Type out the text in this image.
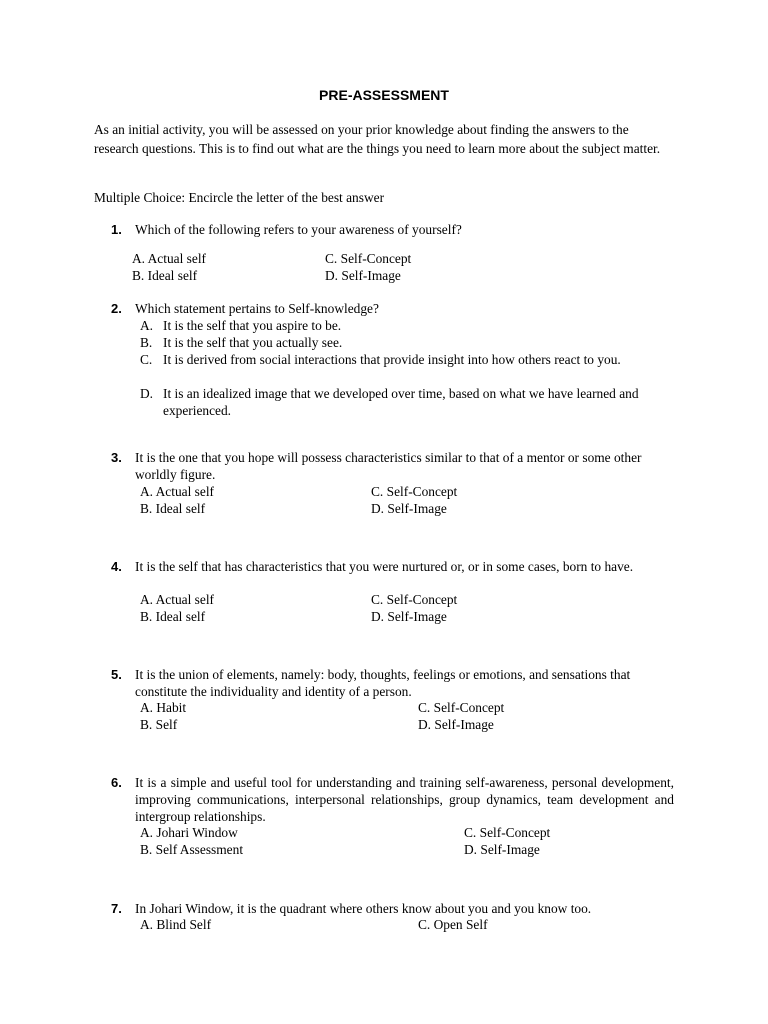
PRE-ASSESSMENT
As an initial activity, you will be assessed on your prior knowledge about finding the answers to the research questions. This is to find out what are the things you need to learn more about the subject matter.
Multiple Choice: Encircle the letter of the best answer
1. Which of the following refers to your awareness of yourself?
A. Actual self
B. Ideal self
C. Self-Concept
D. Self-Image
2. Which statement pertains to Self-knowledge?
A. It is the self that you aspire to be.
B. It is the self that you actually see.
C. It is derived from social interactions that provide insight into how others react to you.
D. It is an idealized image that we developed over time, based on what we have learned and experienced.
3. It is the one that you hope will possess characteristics similar to that of a mentor or some other worldly figure.
A. Actual self
B. Ideal self
C. Self-Concept
D. Self-Image
4. It is the self that has characteristics that you were nurtured or, or in some cases, born to have.
A. Actual self
B. Ideal self
C. Self-Concept
D. Self-Image
5. It is the union of elements, namely: body, thoughts, feelings or emotions, and sensations that constitute the individuality and identity of a person.
A. Habit
B. Self
C. Self-Concept
D. Self-Image
6. It is a simple and useful tool for understanding and training self-awareness, personal development, improving communications, interpersonal relationships, group dynamics, team development and intergroup relationships.
A. Johari Window
B. Self Assessment
C. Self-Concept
D. Self-Image
7. In Johari Window, it is the quadrant where others know about you and you know too.
A. Blind Self	C. Open Self
